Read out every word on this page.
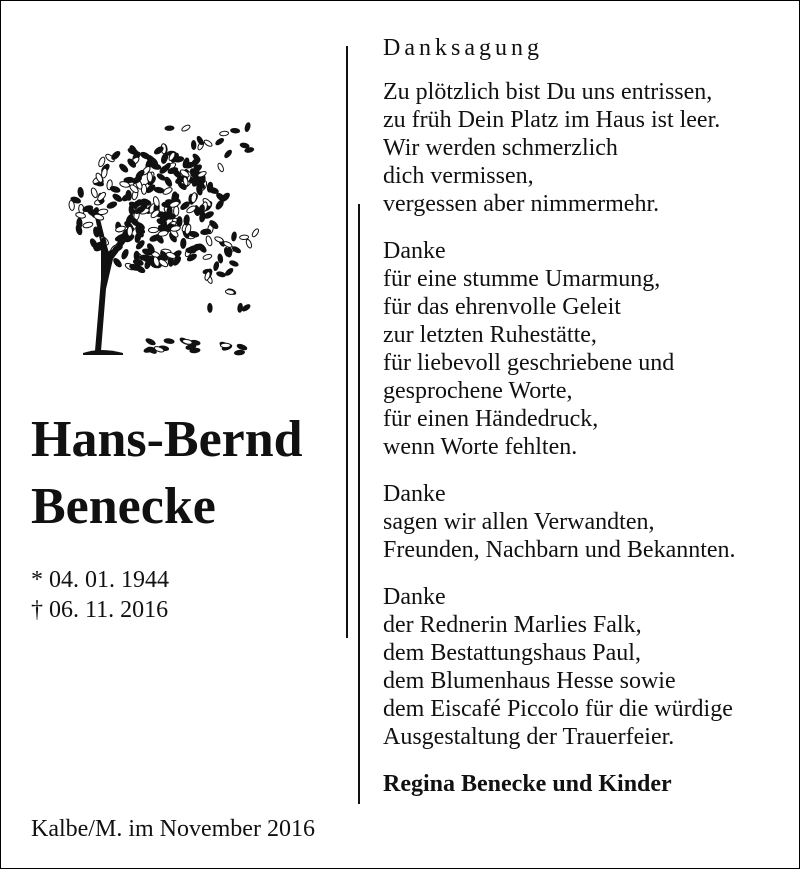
Hans-Bernd
Benecke
* 04. 01. 1944
† 06. 11. 2016
Kalbe/M. im November 2016
Danksagung
Zu plötzlich bist Du uns entrissen,
zu früh Dein Platz im Haus ist leer.
Wir werden schmerzlich
dich vermissen,
vergessen aber nimmermehr.
Danke
für eine stumme Umarmung,
für das ehrenvolle Geleit
zur letzten Ruhestätte,
für liebevoll geschriebene und
gesprochene Worte,
für einen Händedruck,
wenn Worte fehlten.
Danke
sagen wir allen Verwandten,
Freunden, Nachbarn und Bekannten.
Danke
der Rednerin Marlies Falk,
dem Bestattungshaus Paul,
dem Blumenhaus Hesse sowie
dem Eiscafé Piccolo für die würdige
Ausgestaltung der Trauerfeier.
Regina Benecke und Kinder
